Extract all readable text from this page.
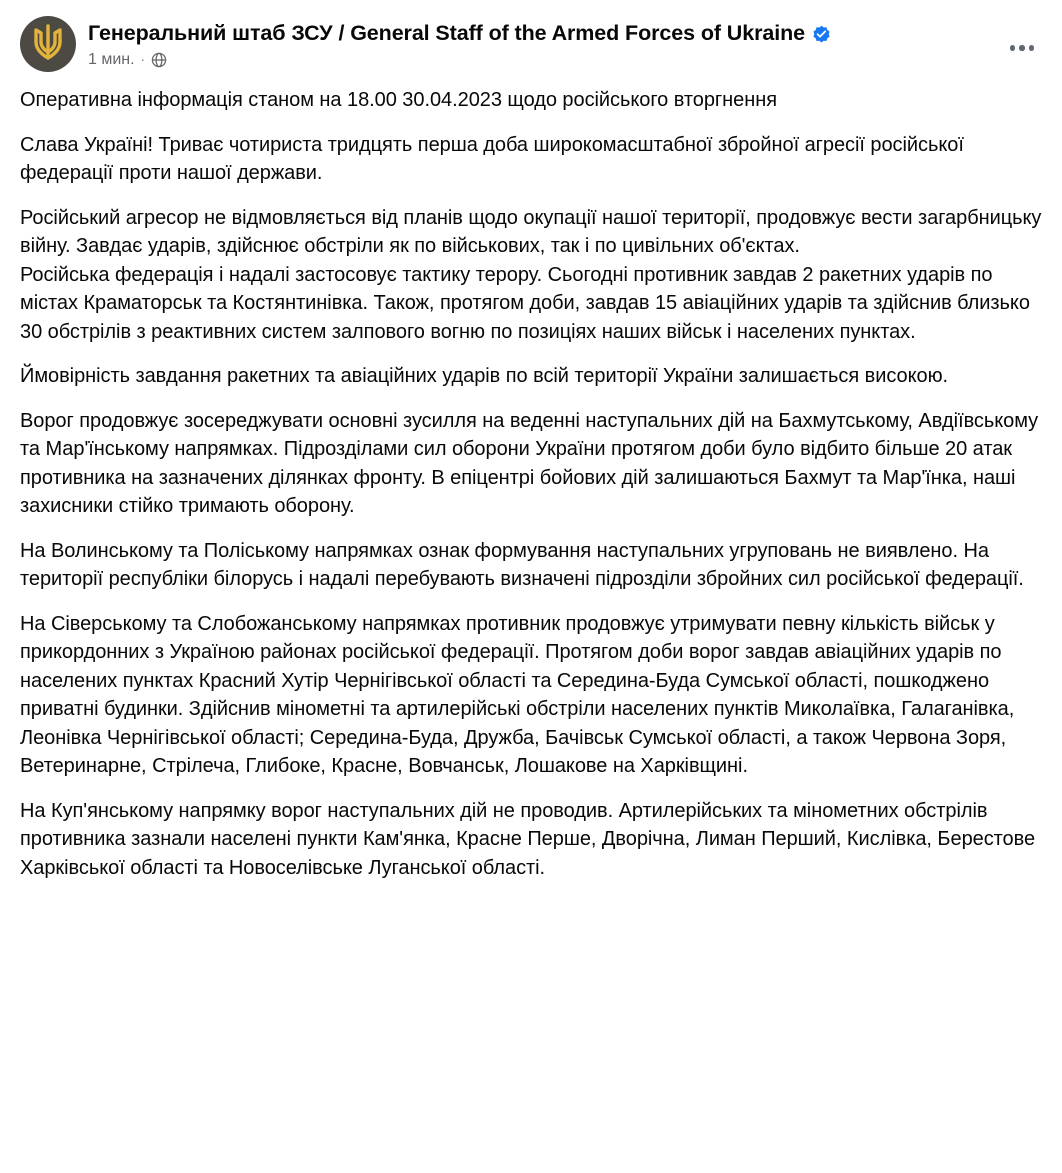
Генеральний штаб ЗСУ / General Staff of the Armed Forces of Ukraine
1 мин. ·

Оперативна інформація станом на 18.00 30.04.2023 щодо російського вторгнення

Слава Україні! Триває чотириста тридцять перша доба широкомасштабної збройної агресії російської федерації проти нашої держави.

Російський агресор не відмовляється від планів щодо окупації нашої території, продовжує вести загарбницьку війну. Завдає ударів, здійснює обстріли як по військових, так і по цивільних об'єктах.

Російська федерація і надалі застосовує тактику терору. Сьогодні противник завдав 2 ракетних ударів по містах Краматорськ та Костянтинівка. Також, протягом доби, завдав 15 авіаційних ударів та здійснив близько 30 обстрілів з реактивних систем залпового вогню по позиціях наших військ і населених пунктах.

Ймовірність завдання ракетних та авіаційних ударів по всій території України залишається високою.

Ворог продовжує зосереджувати основні зусилля на веденні наступальних дій на Бахмутському, Авдіївському та Мар'їнському напрямках. Підрозділами сил оборони України протягом доби було відбито більше 20 атак противника на зазначених ділянках фронту. В епіцентрі бойових дій залишаються Бахмут та Мар'їнка, наші захисники стійко тримають оборону.

На Волинському та Поліському напрямках ознак формування наступальних угруповань не виявлено. На території республіки білорусь і надалі перебувають визначені підрозділи збройних сил російської федерації.

На Сіверському та Слобожанському напрямках противник продовжує утримувати певну кількість військ у прикордонних з Україною районах російської федерації. Протягом доби ворог завдав авіаційних ударів по населених пунктах Красний Хутір Чернігівської області та Середина-Буда Сумської області, пошкоджено приватні будинки. Здійснив мінометні та артилерійські обстріли населених пунктів Миколаївка, Галаганівка, Леонівка Чернігівської області; Середина-Буда, Дружба, Бачівськ Сумської області, а також Червона Зоря, Ветеринарне, Стрілеча, Глибоке, Красне, Вовчанськ, Лошакове на Харківщині.

На Куп'янському напрямку ворог наступальних дій не проводив. Артилерійських та мінометних обстрілів противника зазнали населені пункти Кам'янка, Красне Перше, Дворічна, Лиман Перший, Кислівка, Берестове Харківської області та Новоселівське Луганської області.
